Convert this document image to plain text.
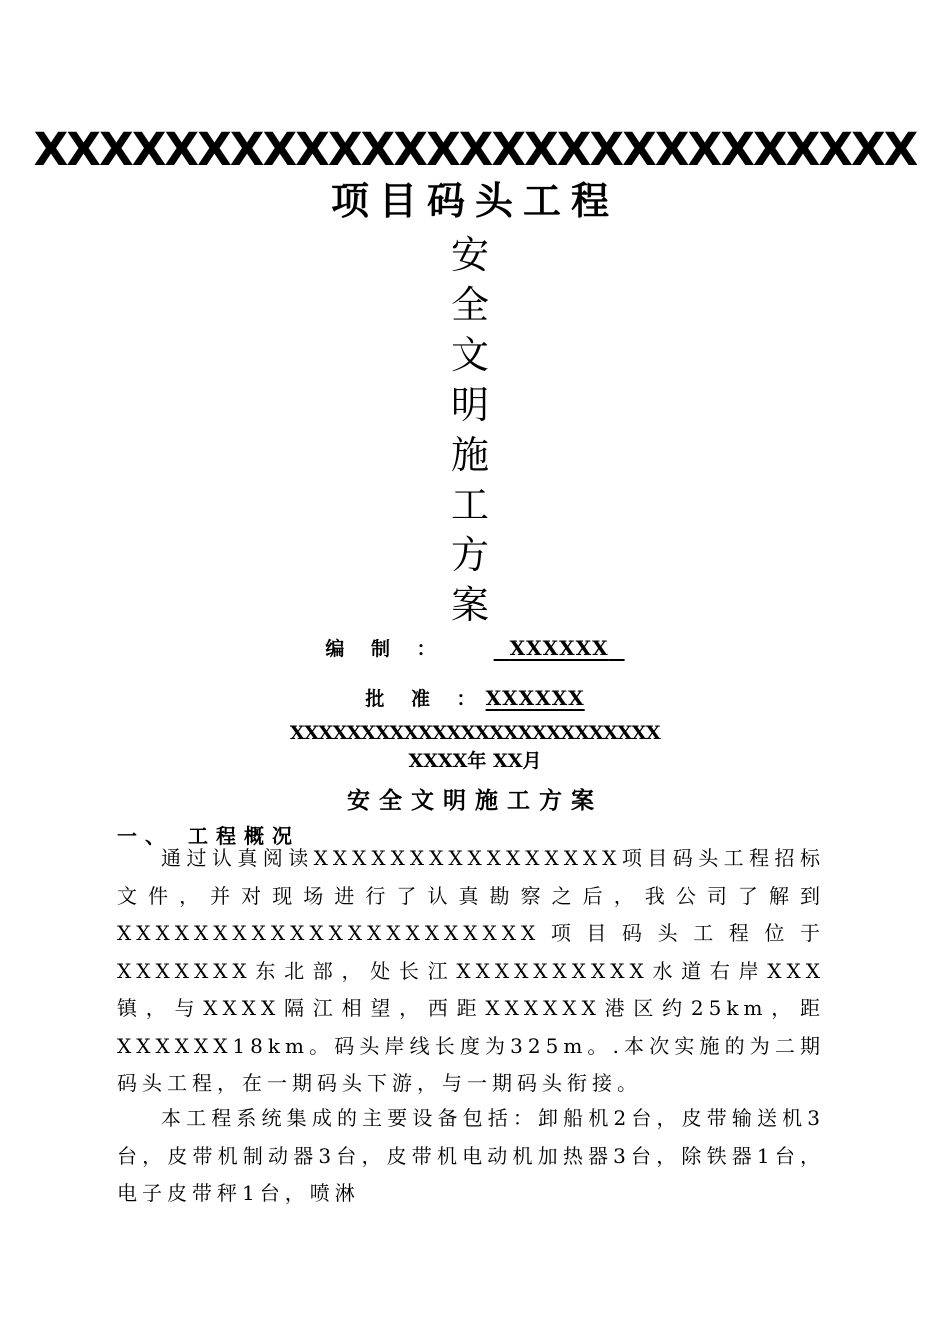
XXXXXXXXXXXXXXXXXXXXXXXXXXX
项目码头工程
安
全
文
明
施
工
方
案
编 制 ：	XXXXXX
批 准 ：XXXXXX
XXXXXXXXXXXXXXXXXXXXXXXXXX
XXXX年 XX月
安全文明施工方案
一、 工程概况

通过认真阅读XXXXXXXXXXXXXXXX项目码头工程招标文件，并对现场进行了认真勘察之后，我公司了解到XXXXXXXXXXXXXXXXXXXXXX项目码头工程位于XXXXXXX东北部，处长江XXXXXXXXXX水道右岸XXX镇，与XXXX隔江相望，西距XXXXXX港区约25km，距XXXXXX18km。码头岸线长度为325m。.本次实施的为二期码头工程，在一期码头下游，与一期码头衔接。

本工程系统集成的主要设备包括：卸船机2台，皮带输送机3台，皮带机制动器3台，皮带机电动机加热器3台，除铁器1台，电子皮带秤1台，喷淋
